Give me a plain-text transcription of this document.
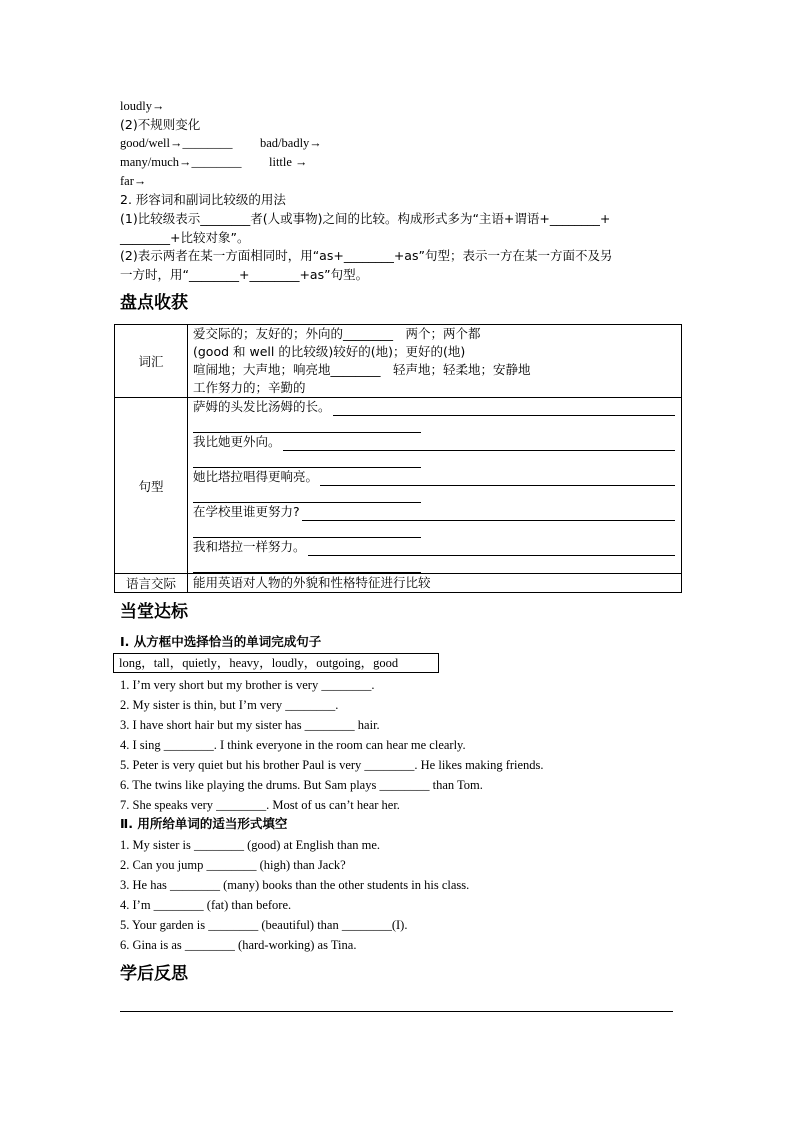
loudly→
(2)不规则变化
good/well→________ bad/badly→
many/much→________ little →
far→
2. 形容词和副词比较级的用法
(1)比较级表示________者(人或事物)之间的比较。构成形式多为“主语+谓语+________+
________+比较对象”。
(2)表示两者在某一方面相同时，用“as+________+as”句型；表示一方在某一方面不及另
一方时，用“________+________+as”句型。
盘点收获
词汇	爱交际的；友好的；外向的________　两个；两个都
(good 和 well 的比较级)较好的(地)；更好的(地)
喧闹地；大声地；响亮地________　轻声地；轻柔地；安静地
工作努力的；辛勤的

句型	萨姆的头发比汤姆的长。
我比她更外向。
她比塔拉唱得更响亮。
在学校里谁更努力?
我和塔拉一样努力。

语言交际	能用英语对人物的外貌和性格特征进行比较
当堂达标
Ⅰ. 从方框中选择恰当的单词完成句子
long，tall，quietly，heavy，loudly，outgoing，good
1. I’m very short but my brother is very ________.
2. My sister is thin, but I’m very ________.
3. I have short hair but my sister has ________ hair.
4. I sing ________. I think everyone in the room can hear me clearly.
5. Peter is very quiet but his brother Paul is very ________. He likes making friends.
6. The twins like playing the drums. But Sam plays ________ than Tom.
7. She speaks very ________. Most of us can’t hear her.
Ⅱ. 用所给单词的适当形式填空
1. My sister is ________ (good) at English than me.
2. Can you jump ________ (high) than Jack?
3. He has ________ (many) books than the other students in his class.
4. I’m ________ (fat) than before.
5. Your garden is ________ (beautiful) than ________(I).
6. Gina is as ________ (hard-working) as Tina.
学后反思
